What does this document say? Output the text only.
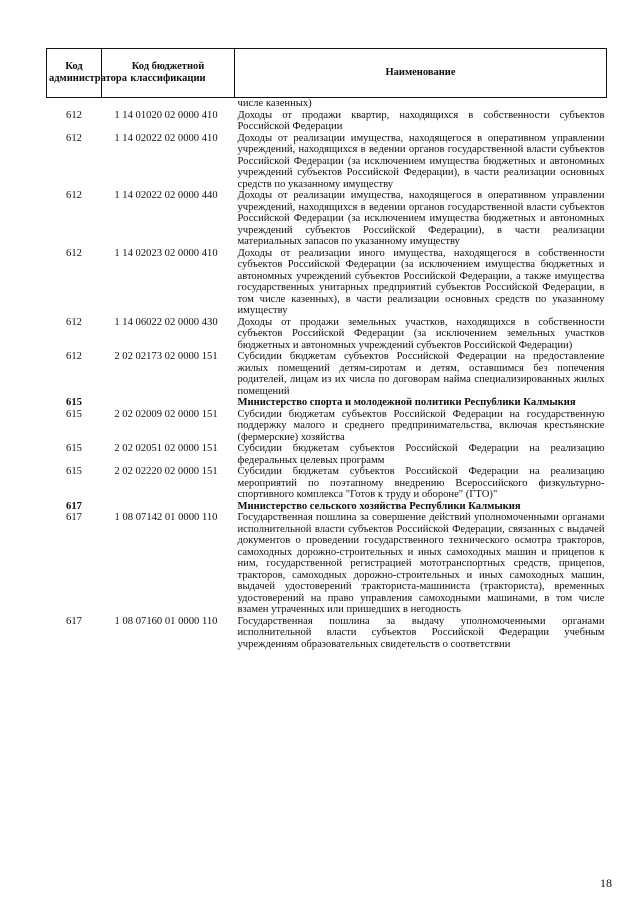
Код администратора	Код бюджетной классификации	Наименование
		числе казенных)
612	1 14 01020 02 0000 410	Доходы от продажи квартир, находящихся в собственности субъектов Российской Федерации
612	1 14 02022 02 0000 410	Доходы от реализации имущества, находящегося в оперативном управлении учреждений, находящихся в ведении органов государственной власти субъектов Российской Федерации (за исключением имущества бюджетных и автономных учреждений субъектов Российской Федерации), в части реализации основных средств по указанному имуществу
612	1 14 02022 02 0000 440	Доходы от реализации имущества, находящегося в оперативном управлении учреждений, находящихся в ведении органов государственной власти субъектов Российской Федерации (за исключением имущества бюджетных и автономных учреждений субъектов Российской Федерации), в части реализации материальных запасов по указанному имуществу
612	1 14 02023 02 0000 410	Доходы от реализации иного имущества, находящегося в собственности субъектов Российской Федерации (за исключением имущества бюджетных и автономных учреждений субъектов Российской Федерации, а также имущества государственных унитарных предприятий субъектов Российской Федерации, в том числе казенных), в части реализации основных средств по указанному имуществу
612	1 14 06022 02 0000 430	Доходы от продажи земельных участков, находящихся в собственности субъектов Российской Федерации (за исключением земельных участков бюджетных и автономных учреждений субъектов Российской Федерации)
612	2 02 02173 02 0000 151	Субсидии бюджетам субъектов Российской Федерации на предоставление жилых помещений детям-сиротам и детям, оставшимся без попечения родителей, лицам из их числа по договорам найма специализированных жилых помещений
615		Министерство спорта и молодежной политики Республики Калмыкия
615	2 02 02009 02 0000 151	Субсидии бюджетам субъектов Российской Федерации на государственную поддержку малого и среднего предпринимательства, включая крестьянские (фермерские) хозяйства
615	2 02 02051 02 0000 151	Субсидии бюджетам субъектов Российской Федерации на реализацию федеральных целевых программ
615	2 02 02220 02 0000 151	Субсидии бюджетам субъектов Российской Федерации на реализацию мероприятий по поэтапному внедрению Всероссийского физкультурно-спортивного комплекса "Готов к труду и обороне" (ГТО)"
617		Министерство сельского хозяйства Республики Калмыкия
617	1 08 07142 01 0000 110	Государственная пошлина за совершение действий уполномоченными органами исполнительной власти субъектов Российской Федерации, связанных с выдачей документов о проведении государственного технического осмотра тракторов, самоходных дорожно-строительных и иных самоходных машин и прицепов к ним, государственной регистрацией мототранспортных средств, прицепов, тракторов, самоходных дорожно-строительных и иных самоходных машин, выдачей удостоверений тракториста-машиниста (тракториста), временных удостоверений на право управления самоходными машинами, в том числе взамен утраченных или пришедших в негодность
617	1 08 07160 01 0000 110	Государственная пошлина за выдачу уполномоченными органами исполнительной власти субъектов Российской Федерации учебным учреждениям образовательных свидетельств о соответствии
18
